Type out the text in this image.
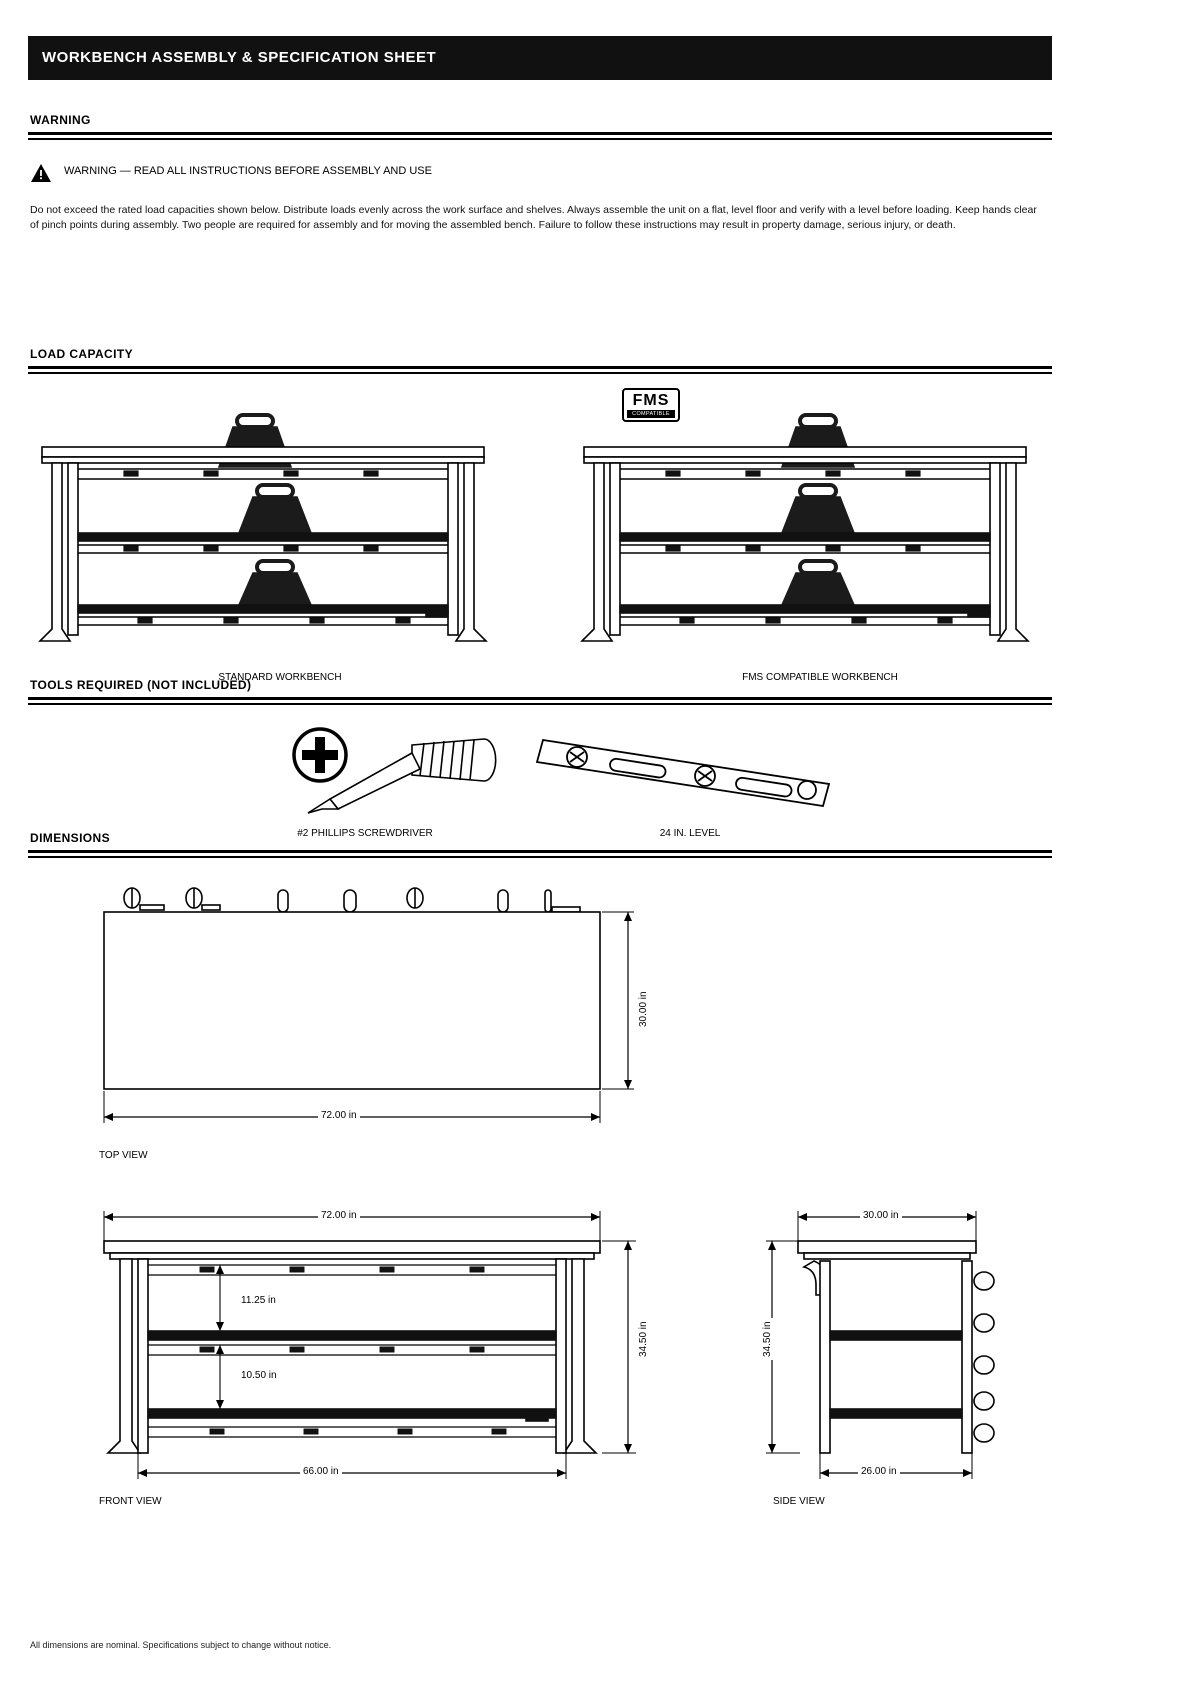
WORKBENCH ASSEMBLY & SPECIFICATION SHEET
WARNING
WARNING — READ ALL INSTRUCTIONS BEFORE ASSEMBLY AND USE
Do not exceed the rated load capacities shown below. Distribute loads evenly across the work surface and shelves. Always assemble the unit on a flat, level floor and verify with a level before loading. Keep hands clear of pinch points during assembly. Two people are required for assembly and for moving the assembled bench. Failure to follow these instructions may result in property damage, serious injury, or death.
LOAD CAPACITY
STANDARD WORKBENCH
FMS
COMPATIBLE
FMS COMPATIBLE WORKBENCH
TOOLS REQUIRED (NOT INCLUDED)
#2 PHILLIPS SCREWDRIVER	24 IN. LEVEL
DIMENSIONS
72.00 in
30.00 in
TOP VIEW
72.00 in
34.50 in
11.25 in
10.50 in
66.00 in
FRONT VIEW
30.00 in
34.50 in
26.00 in
SIDE VIEW
All dimensions are nominal. Specifications subject to change without notice.
